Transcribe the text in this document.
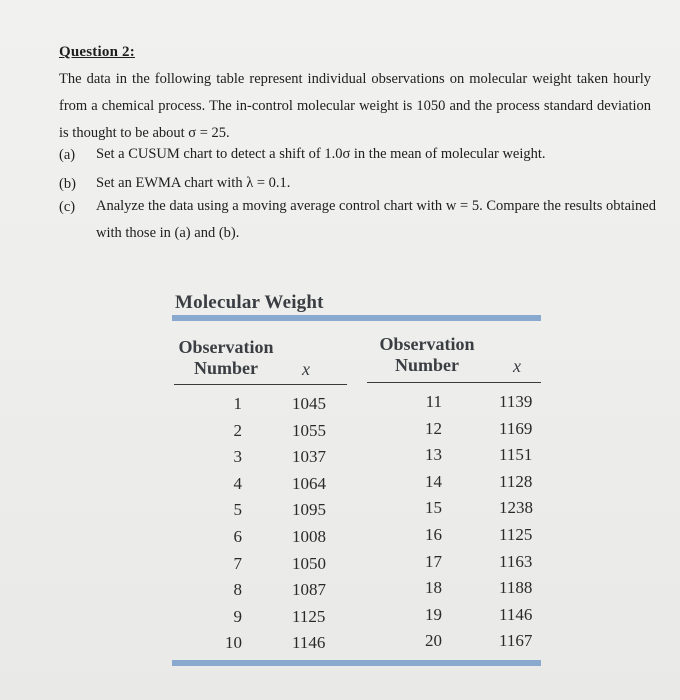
Question 2:
The data in the following table represent individual observations on molecular weight taken hourly from a chemical process. The in-control molecular weight is 1050 and the process standard deviation is thought to be about σ = 25.
(a) Set a CUSUM chart to detect a shift of 1.0σ in the mean of molecular weight.
(b) Set an EWMA chart with λ = 0.1.
(c) Analyze the data using a moving average control chart with w = 5. Compare the results obtained with those in (a) and (b).
Molecular Weight
Observation
Number	x
Observation
Number	x
1	1045
2	1055
3	1037
4	1064
5	1095
6	1008
7	1050
8	1087
9	1125
10	1146
11	1139
12	1169
13	1151
14	1128
15	1238
16	1125
17	1163
18	1188
19	1146
20	1167
